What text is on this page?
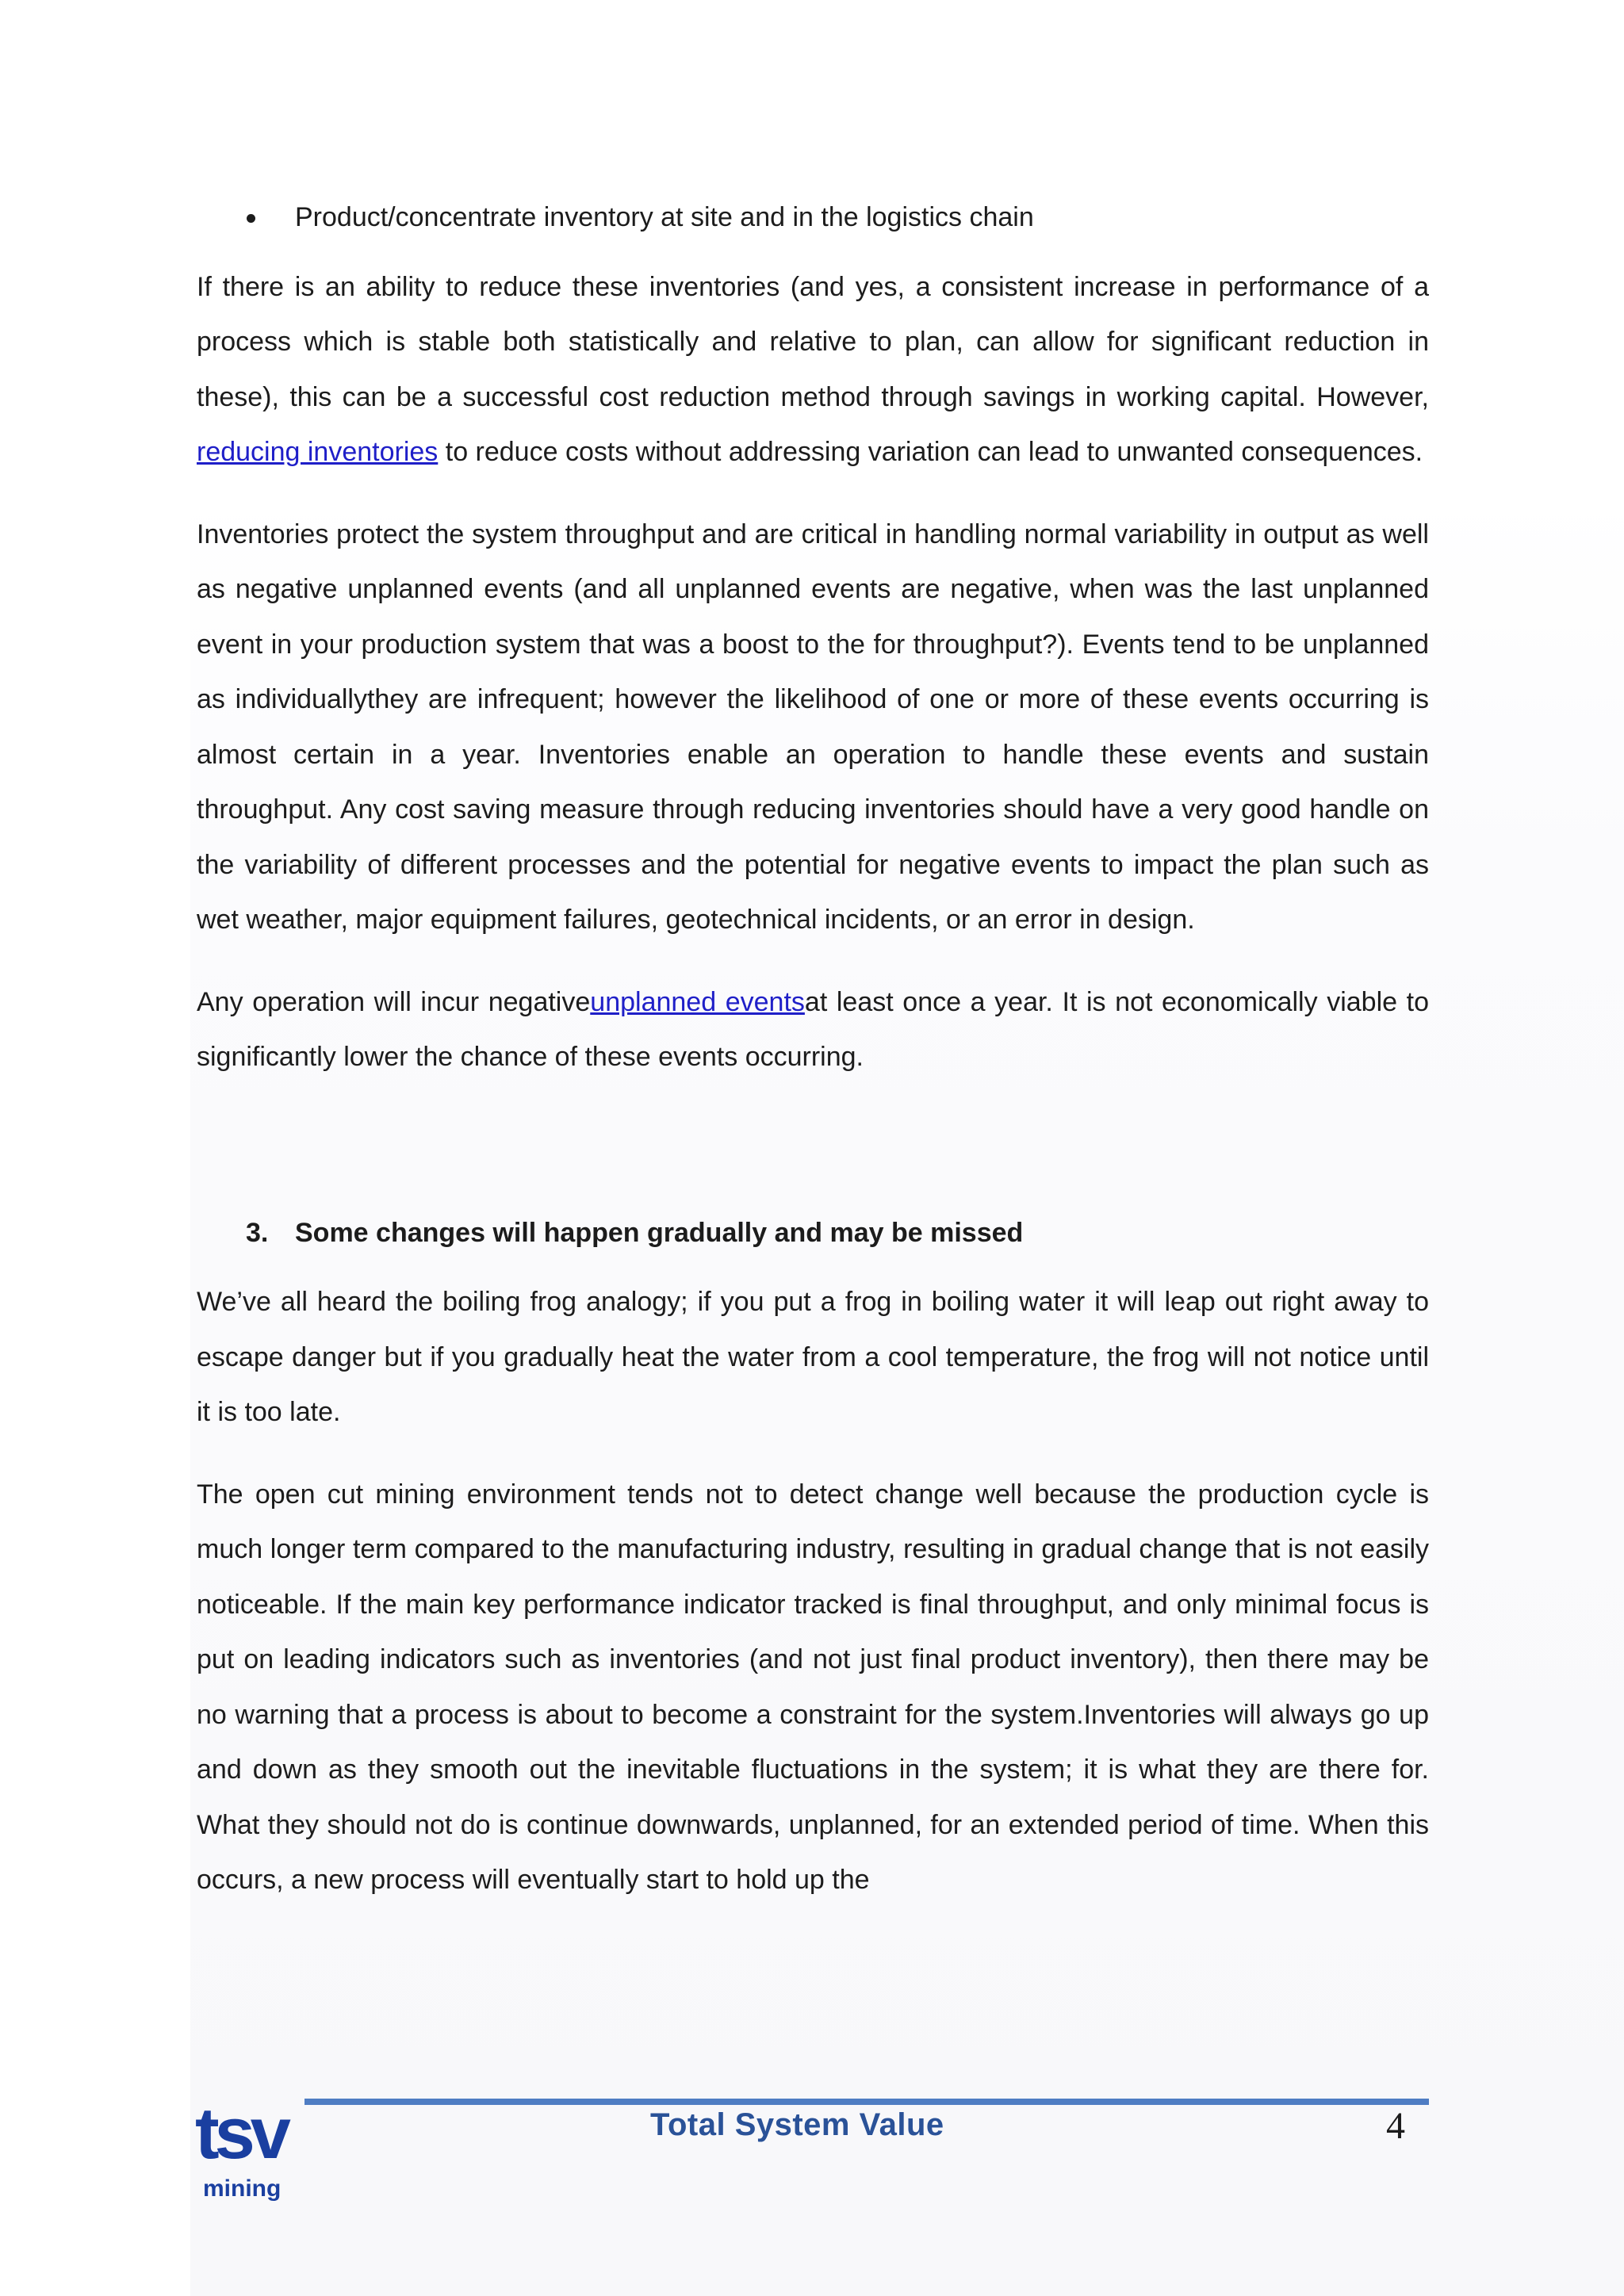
Product/concentrate inventory at site and in the logistics chain

If there is an ability to reduce these inventories (and yes, a consistent increase in performance of a process which is stable both statistically and relative to plan, can allow for significant reduction in these), this can be a successful cost reduction method through savings in working capital. However, reducing inventories to reduce costs without addressing variation can lead to unwanted consequences.

Inventories protect the system throughput and are critical in handling normal variability in output as well as negative unplanned events (and all unplanned events are negative, when was the last unplanned event in your production system that was a boost to the for throughput?). Events tend to be unplanned as individuallythey are infrequent; however the likelihood of one or more of these events occurring is almost certain in a year. Inventories enable an operation to handle these events and sustain throughput. Any cost saving measure through reducing inventories should have a very good handle on the variability of different processes and the potential for negative events to impact the plan such as wet weather, major equipment failures, geotechnical incidents, or an error in design.

Any operation will incur negativeunplanned eventsat least once a year. It is not economically viable to significantly lower the chance of these events occurring.

3. Some changes will happen gradually and may be missed

We’ve all heard the boiling frog analogy; if you put a frog in boiling water it will leap out right away to escape danger but if you gradually heat the water from a cool temperature, the frog will not notice until it is too late.

The open cut mining environment tends not to detect change well because the production cycle is much longer term compared to the manufacturing industry, resulting in gradual change that is not easily noticeable. If the main key performance indicator tracked is final throughput, and only minimal focus is put on leading indicators such as inventories (and not just final product inventory), then there may be no warning that a process is about to become a constraint for the system.Inventories will always go up and down as they smooth out the inevitable fluctuations in the system; it is what they are there for. What they should not do is continue downwards, unplanned, for an extended period of time. When this occurs, a new process will eventually start to hold up the

tsv
mining
Total System Value	4
